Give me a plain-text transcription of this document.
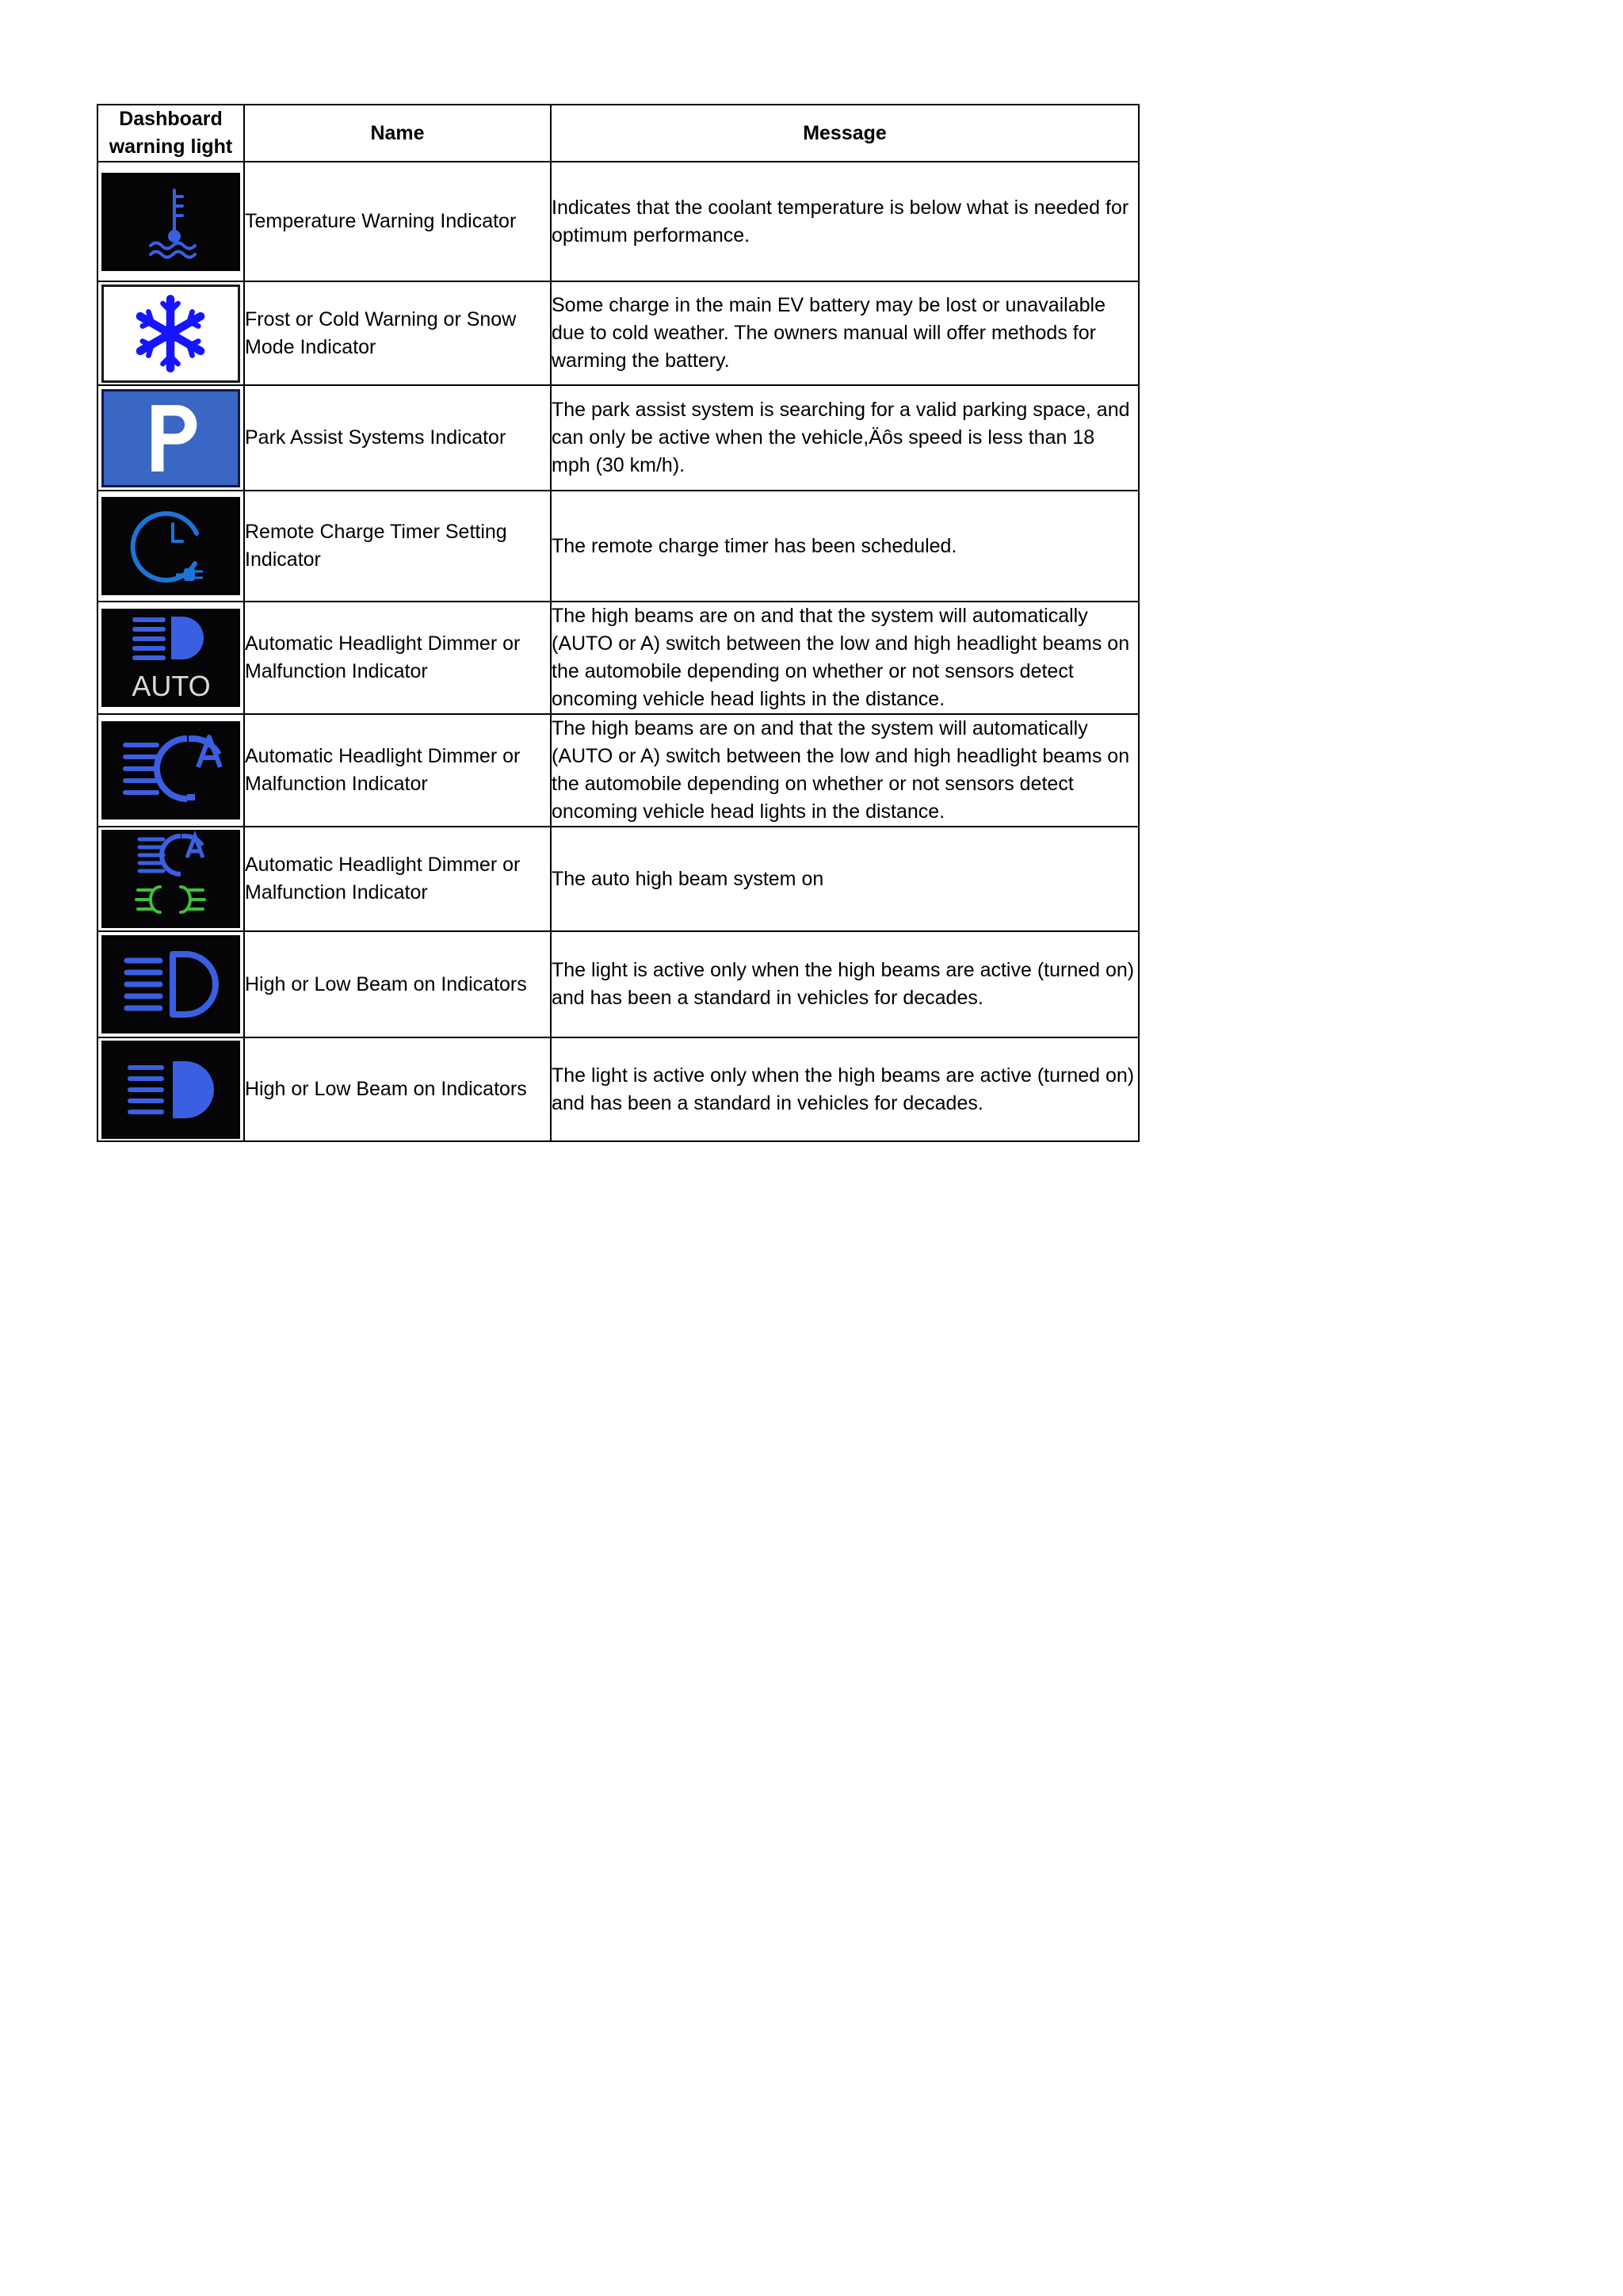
Dashboard warning light	Name	Message

	Temperature Warning Indicator	Indicates that the coolant temperature is below what is needed for optimum performance.

	Frost or Cold Warning or Snow Mode Indicator	Some charge in the main EV battery may be lost or unavailable due to cold weather. The owners manual will offer methods for warming the battery.

	Park Assist Systems Indicator	The park assist system is searching for a valid parking space, and can only be active when the vehicle,Äôs speed is less than 18 mph (30 km/h).

	Remote Charge Timer Setting Indicator	The remote charge timer has been scheduled.

AUTO	Automatic Headlight Dimmer or Malfunction Indicator	The high beams are on and that the system will automatically (AUTO or A) switch between the low and high headlight beams on the automobile depending on whether or not sensors detect oncoming vehicle head lights in the distance.

	Automatic Headlight Dimmer or Malfunction Indicator	The high beams are on and that the system will automatically (AUTO or A) switch between the low and high headlight beams on the automobile depending on whether or not sensors detect oncoming vehicle head lights in the distance.

	Automatic Headlight Dimmer or Malfunction Indicator	The auto high beam system on

	High or Low Beam on Indicators	The light is active only when the high beams are active (turned on) and has been a standard in vehicles for decades.

	High or Low Beam on Indicators	The light is active only when the high beams are active (turned on) and has been a standard in vehicles for decades.
